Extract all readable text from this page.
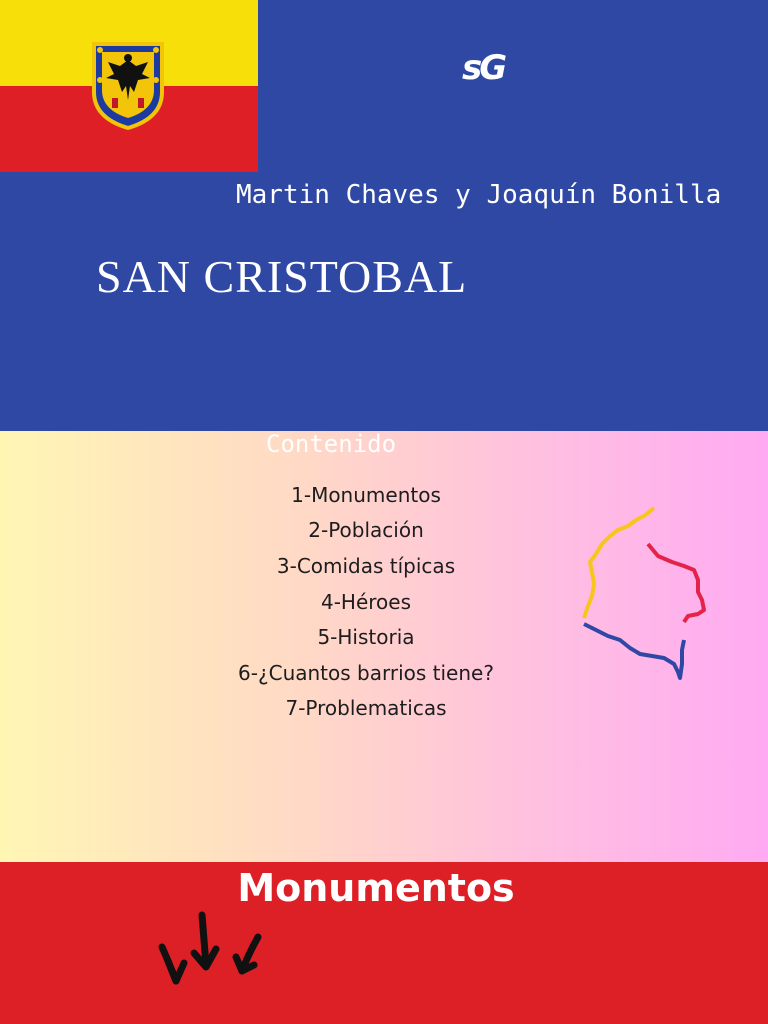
sG
Martin Chaves y Joaquín Bonilla
SAN CRISTOBAL
Contenido
1-Monumentos
2-Población
3-Comidas típicas
4-Héroes
5-Historia
6-¿Cuantos barrios tiene?
7-Problematicas
Monumentos
